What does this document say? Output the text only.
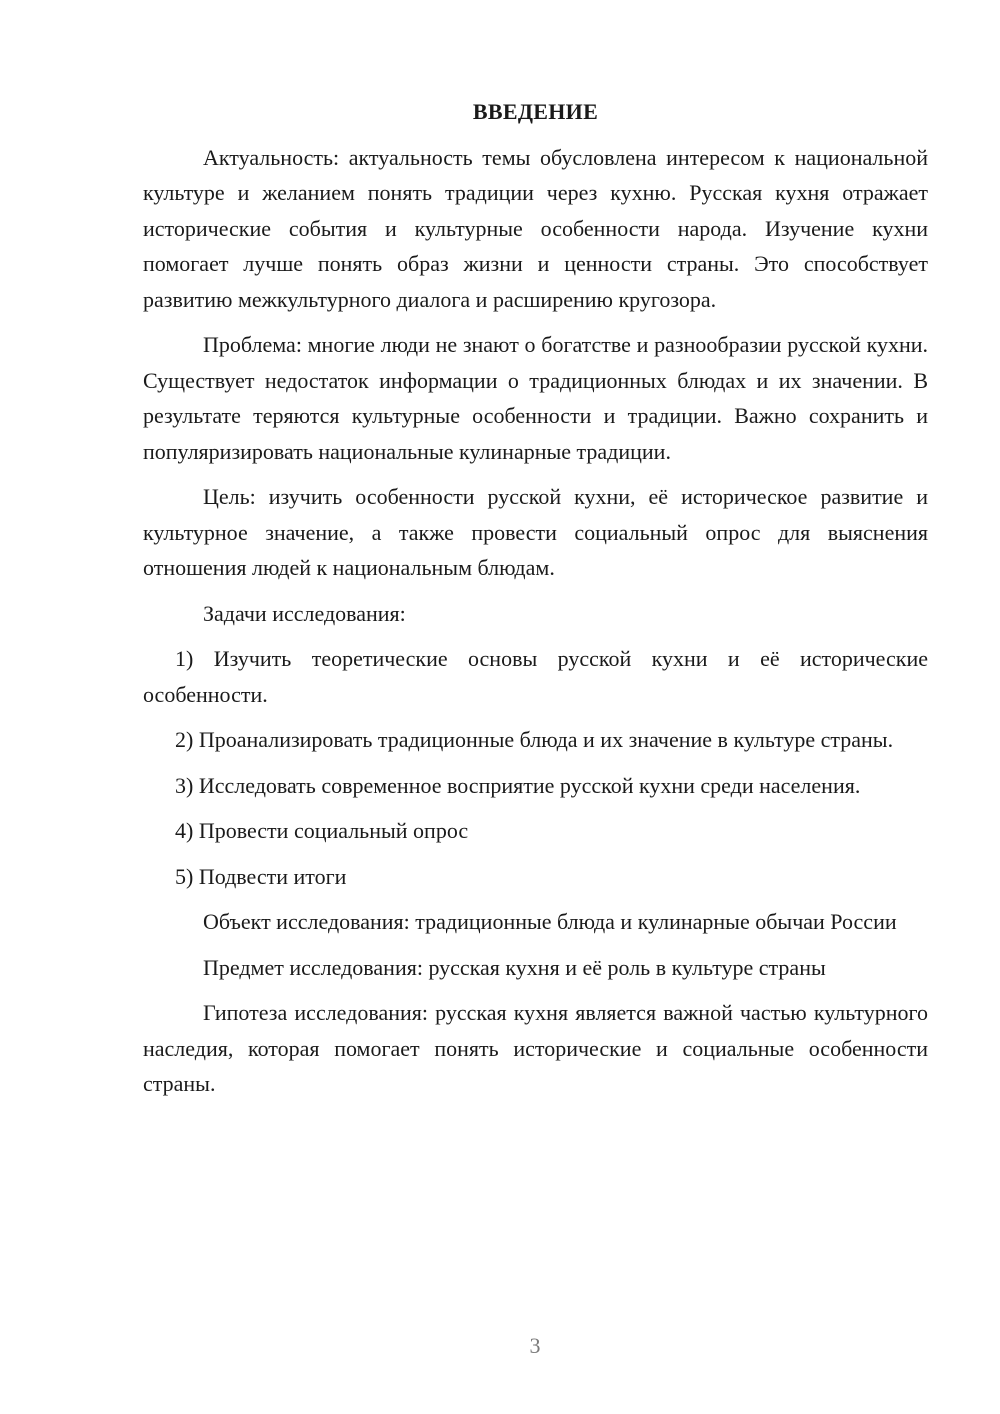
ВВЕДЕНИЕ

Актуальность: актуальность темы обусловлена интересом к национальной культуре и желанием понять традиции через кухню. Русская кухня отражает исторические события и культурные особенности народа. Изучение кухни помогает лучше понять образ жизни и ценности страны. Это способствует развитию межкультурного диалога и расширению кругозора.

Проблема: многие люди не знают о богатстве и разнообразии русской кухни. Существует недостаток информации о традиционных блюдах и их значении. В результате теряются культурные особенности и традиции. Важно сохранить и популяризировать национальные кулинарные традиции.

Цель: изучить особенности русской кухни, её историческое развитие и культурное значение, а также провести социальный опрос для выяснения отношения людей к национальным блюдам.

Задачи исследования:

1) Изучить теоретические основы русской кухни и её исторические особенности.

2) Проанализировать традиционные блюда и их значение в культуре страны.

3) Исследовать современное восприятие русской кухни среди населения.

4) Провести социальный опрос

5) Подвести итоги

Объект исследования: традиционные блюда и кулинарные обычаи России

Предмет исследования: русская кухня и её роль в культуре страны

Гипотеза исследования: русская кухня является важной частью культурного наследия, которая помогает понять исторические и социальные особенности страны.

3
